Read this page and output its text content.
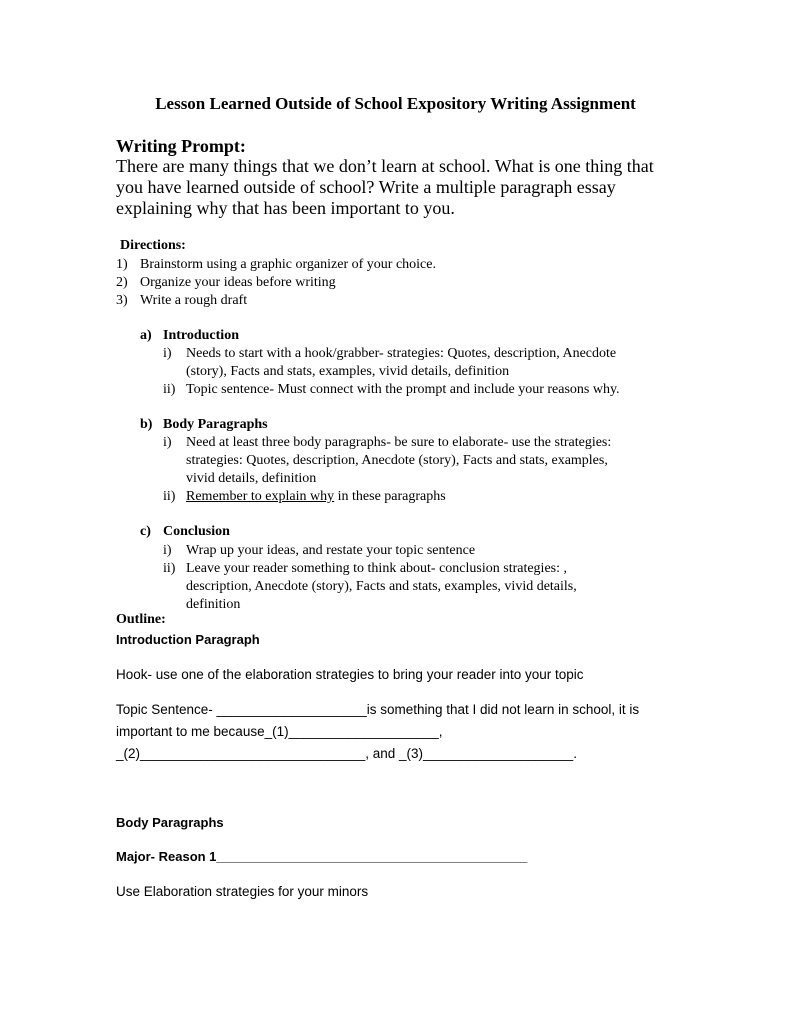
Lesson Learned Outside of School Expository Writing Assignment
Writing Prompt:
There are many things that we don’t learn at school. What is one thing that
you have learned outside of school? Write a multiple paragraph essay
explaining why that has been important to you.
Directions:
1) Brainstorm using a graphic organizer of your choice.
2) Organize your ideas before writing
3) Write a rough draft
a) Introduction
i) Needs to start with a hook/grabber- strategies: Quotes, description, Anecdote
(story), Facts and stats, examples, vivid details, definition
ii) Topic sentence- Must connect with the prompt and include your reasons why.
b) Body Paragraphs
i) Need at least three body paragraphs- be sure to elaborate- use the strategies:
strategies: Quotes, description, Anecdote (story), Facts and stats, examples,
vivid details, definition
ii) Remember to explain why in these paragraphs
c) Conclusion
i) Wrap up your ideas, and restate your topic sentence
ii) Leave your reader something to think about- conclusion strategies: ,
description, Anecdote (story), Facts and stats, examples, vivid details,
definition
Outline:
Introduction Paragraph
Hook- use one of the elaboration strategies to bring your reader into your topic
Topic Sentence- ____________________is something that I did not learn in school, it is
important to me because_(1)____________________,
_(2)______________________________, and _(3)____________________.
Body Paragraphs
Major- Reason 1___________________________________________
Use Elaboration strategies for your minors
